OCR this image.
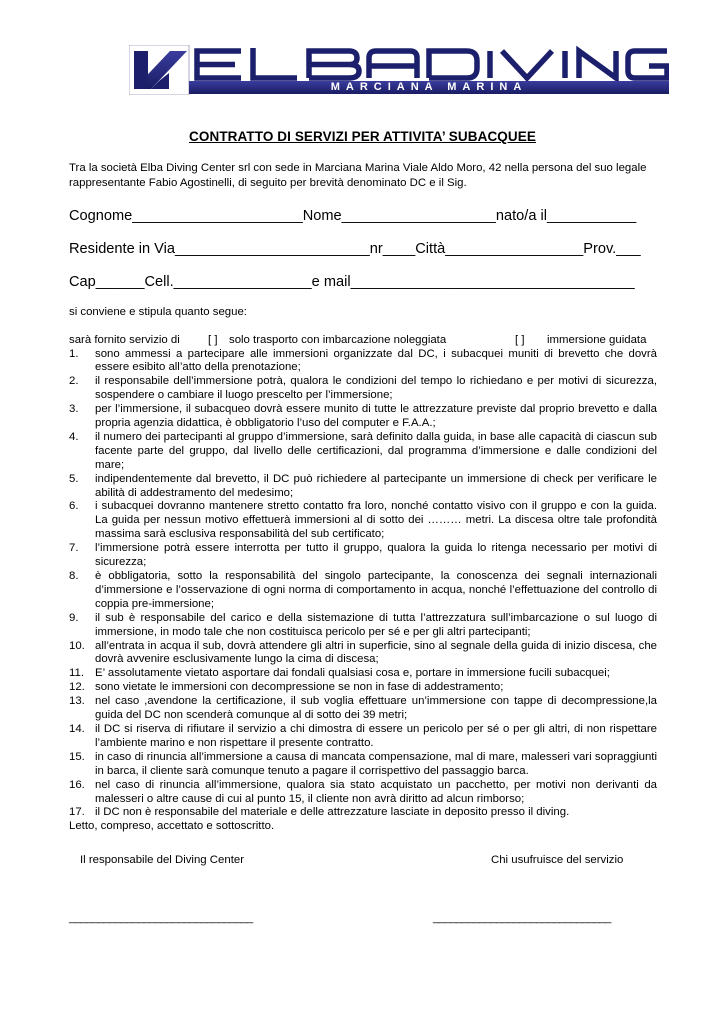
MARCIANA MARINA
CONTRATTO DI SERVIZI PER ATTIVITA’ SUBACQUEE
Tra la società Elba Diving Center srl con sede in Marciana Marina Viale Aldo Moro, 42 nella persona del suo legale rappresentante Fabio Agostinelli, di seguito per brevità denominato DC e il Sig.
Cognome_____________________Nome___________________nato/a il___________
Residente in Via________________________nr____Città_________________Prov.___
Cap______Cell._________________e mail___________________________________
si conviene e stipula quanto segue:
sarà fornito servizio di [ ] solo trasporto con imbarcazione noleggiata	[ ] immersione guidata
1.	sono ammessi a partecipare alle immersioni organizzate dal DC, i subacquei muniti di brevetto che dovrà essere esibito all’atto della prenotazione;
2.	il responsabile dell’immersione potrà, qualora le condizioni del tempo lo richiedano e per motivi di sicurezza, sospendere o cambiare il luogo prescelto per l’immersione;
3.	per l’immersione, il subacqueo dovrà essere munito di tutte le attrezzature previste dal proprio brevetto e dalla propria agenzia didattica, è obbligatorio l’uso del computer e F.A.A.;
4.	il numero dei partecipanti al gruppo d’immersione, sarà definito dalla guida, in base alle capacità di ciascun sub facente parte del gruppo, dal livello delle certificazioni, dal programma d’immersione e dalle condizioni del mare;
5.	indipendentemente dal brevetto, il DC può richiedere al partecipante un immersione di check per verificare le abilità di addestramento del medesimo;
6.	i subacquei dovranno mantenere stretto contatto fra loro, nonché contatto visivo con il gruppo e con la guida. La guida per nessun motivo effettuerà immersioni al di sotto dei ……… metri. La discesa oltre tale profondità massima sarà esclusiva responsabilità del sub certificato;
7.	l’immersione potrà essere interrotta per tutto il gruppo, qualora la guida lo ritenga necessario per motivi di sicurezza;
8.	è obbligatoria, sotto la responsabilità del singolo partecipante, la conoscenza dei segnali internazionali d’immersione e l’osservazione di ogni norma di comportamento in acqua, nonché l’effettuazione del controllo di coppia pre-immersione;
9.	il sub è responsabile del carico e della sistemazione di tutta l’attrezzatura sull’imbarcazione o sul luogo di immersione, in modo tale che non costituisca pericolo per sé e per gli altri partecipanti;
10. all’entrata in acqua il sub, dovrà attendere gli altri in superficie, sino al segnale della guida di inizio discesa, che dovrà avvenire esclusivamente lungo la cima di discesa;
11. E’ assolutamente vietato asportare dai fondali qualsiasi cosa e, portare in immersione fucili subacquei;
12. sono vietate le immersioni con decompressione se non in fase di addestramento;
13. nel caso ,avendone la certificazione, il sub voglia effettuare un’immersione con tappe di decompressione,la guida del DC non scenderà comunque al di sotto dei 39 metri;
14. il DC si riserva di rifiutare il servizio a chi dimostra di essere un pericolo per sé o per gli altri, di non rispettare l’ambiente marino e non rispettare il presente contratto.
15. in caso di rinuncia all’immersione a causa di mancata compensazione, mal di mare, malesseri vari sopraggiunti in barca, il cliente sarà comunque tenuto a pagare il corrispettivo del passaggio barca.
16. nel caso di rinuncia all’immersione, qualora sia stato acquistato un pacchetto, per motivi non derivanti da malesseri o altre cause di cui al punto 15, il cliente non avrà diritto ad alcun rimborso;
17. il DC non è responsabile del materiale e delle attrezzature lasciate in deposito presso il diving.
Letto, compreso, accettato e sottoscritto.
Il responsabile del Diving Center	Chi usufruisce del servizio
________________________________	_______________________________
